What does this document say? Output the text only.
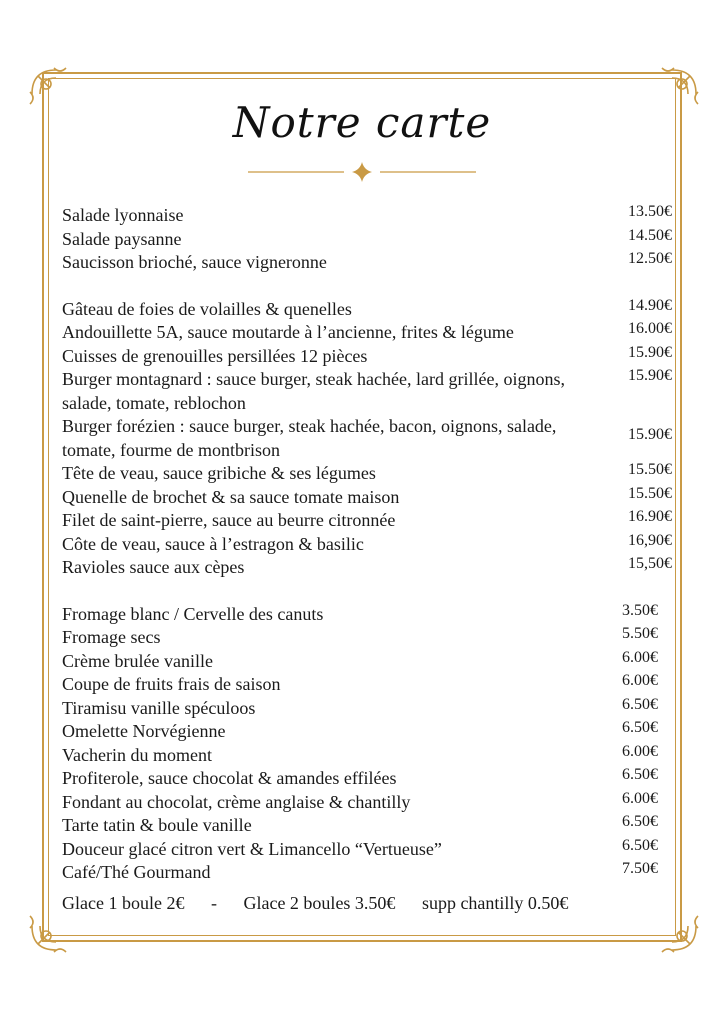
Notre carte
Salade lyonnaise	13.50€
Salade paysanne	14.50€
Saucisson brioché, sauce vigneronne	12.50€
Gâteau de foies de volailles & quenelles	14.90€
Andouillette 5A, sauce moutarde à l’ancienne, frites & légume	16.00€
Cuisses de grenouilles persillées 12 pièces	15.90€
Burger montagnard : sauce burger, steak hachée, lard grillée, oignons, salade, tomate, reblochon
15.90€
Burger forézien : sauce burger, steak hachée, bacon, oignons, salade, tomate, fourme de montbrison
15.90€
Tête de veau, sauce gribiche & ses légumes	15.50€
Quenelle de brochet & sa sauce tomate maison	15.50€
Filet de saint-pierre, sauce au beurre citronnée	16.90€
Côte de veau, sauce à l’estragon & basilic	16,90€
Ravioles sauce aux cèpes	15,50€
Fromage blanc / Cervelle des canuts	3.50€
Fromage secs	5.50€
Crème brulée vanille	6.00€
Coupe de fruits frais de saison	6.00€
Tiramisu vanille spéculoos	6.50€
Omelette Norvégienne	6.50€
Vacherin du moment	6.00€
Profiterole, sauce chocolat & amandes effilées	6.50€
Fondant au chocolat, crème anglaise & chantilly	6.00€
Tarte tatin & boule vanille	6.50€
Douceur glacé citron vert & Limancello “Vertueuse”	6.50€
Café/Thé Gourmand	7.50€
Glace 1 boule 2€ - Glace 2 boules 3.50€ supp chantilly 0.50€
